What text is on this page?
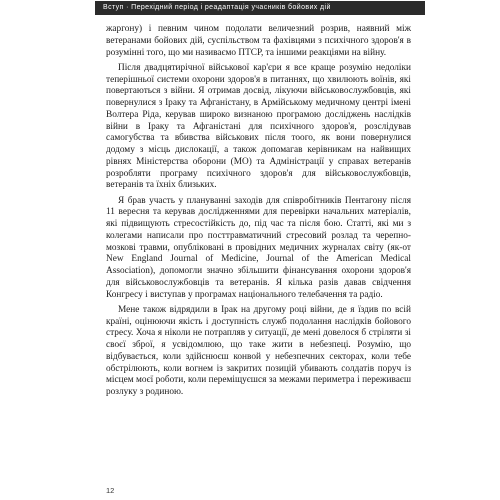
Вступ · Перехідний період і реадаптація учасників бойових дій

жаргону) і певним чином подолати величезний розрив, наявний між ветеранами бойових дій, суспільством та фахівцями з психічного здоров'я в розумінні того, що ми називаємо ПТСР, та іншими реакціями на війну.

Після двадцятирічної військової кар'єри я все краще розумію недоліки теперішньої системи охорони здоров'я в питаннях, що хвилюють воїнів, які повертаються з війни. Я отримав досвід, лікуючи військовослужбовців, які повернулися з Іраку та Афганістану, в Армійському медичному центрі імені Волтера Ріда, керував широко визнаною програмою досліджень наслідків війни в Іраку та Афганістані для психічного здоров'я, розслідував самогубства та вбивства військових після тоого, як вони повернулися додому з місць дислокації, а також допомагав керівникам на найвищих рівнях Міністерства оборони (МО) та Адміністрації у справах ветеранів розробляти програму психічного здоров'я для військовослужбовців, ветеранів та їхніх близьких.

Я брав участь у плануванні заходів для співробітників Пентагону після 11 вересня та керував дослідженнями для перевірки начальних матеріалів, які підвищують стресостійкість до, під час та після бою. Статті, які ми з колегами написали про посттравматичний стресовий розлад та черепно-мозкові травми, опубліковані в провідних медичних журналах світу (як-от New England Journal of Medicine, Journal of the American Medical Association), допомогли значно збільшити фінансування охорони здоров'я для військовослужбовців та ветеранів. Я кілька разів давав свідчення Конгресу і виступав у програмах національного телебачення та радіо.

Мене також відрядили в Ірак на другому році війни, де я їздив по всій країні, оцінюючи якість і доступність служб подолання наслідків бойового стресу. Хоча я ніколи не потрапляв у ситуації, де мені довелося б стріляти зі своєї зброї, я усвідомлюю, що таке жити в небезпеці. Розумію, що відбувається, коли здійснюєш конвой у небезпечних секторах, коли тебе обстрілюють, коли вогнем із закритих позицій убивають солдатів поруч із місцем моєї роботи, коли переміщуєшся за межами периметра і переживаєш розлуку з родиною.

12
